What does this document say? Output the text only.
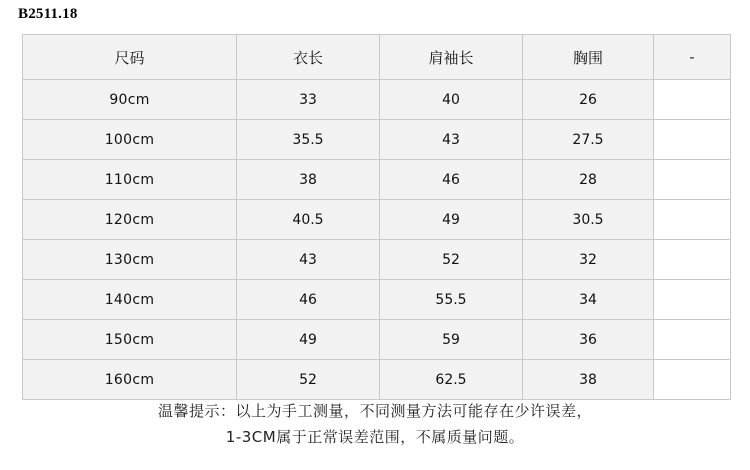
B2511.18
尺码	衣长	肩袖长	胸围	-
90cm	33	40	26	
100cm	35.5	43	27.5	
110cm	38	46	28	
120cm	40.5	49	30.5	
130cm	43	52	32	
140cm	46	55.5	34	
150cm	49	59	36	
160cm	52	62.5	38	
温馨提示：以上为手工测量，不同测量方法可能存在少许误差，
1-3CM属于正常误差范围，不属质量问题。
